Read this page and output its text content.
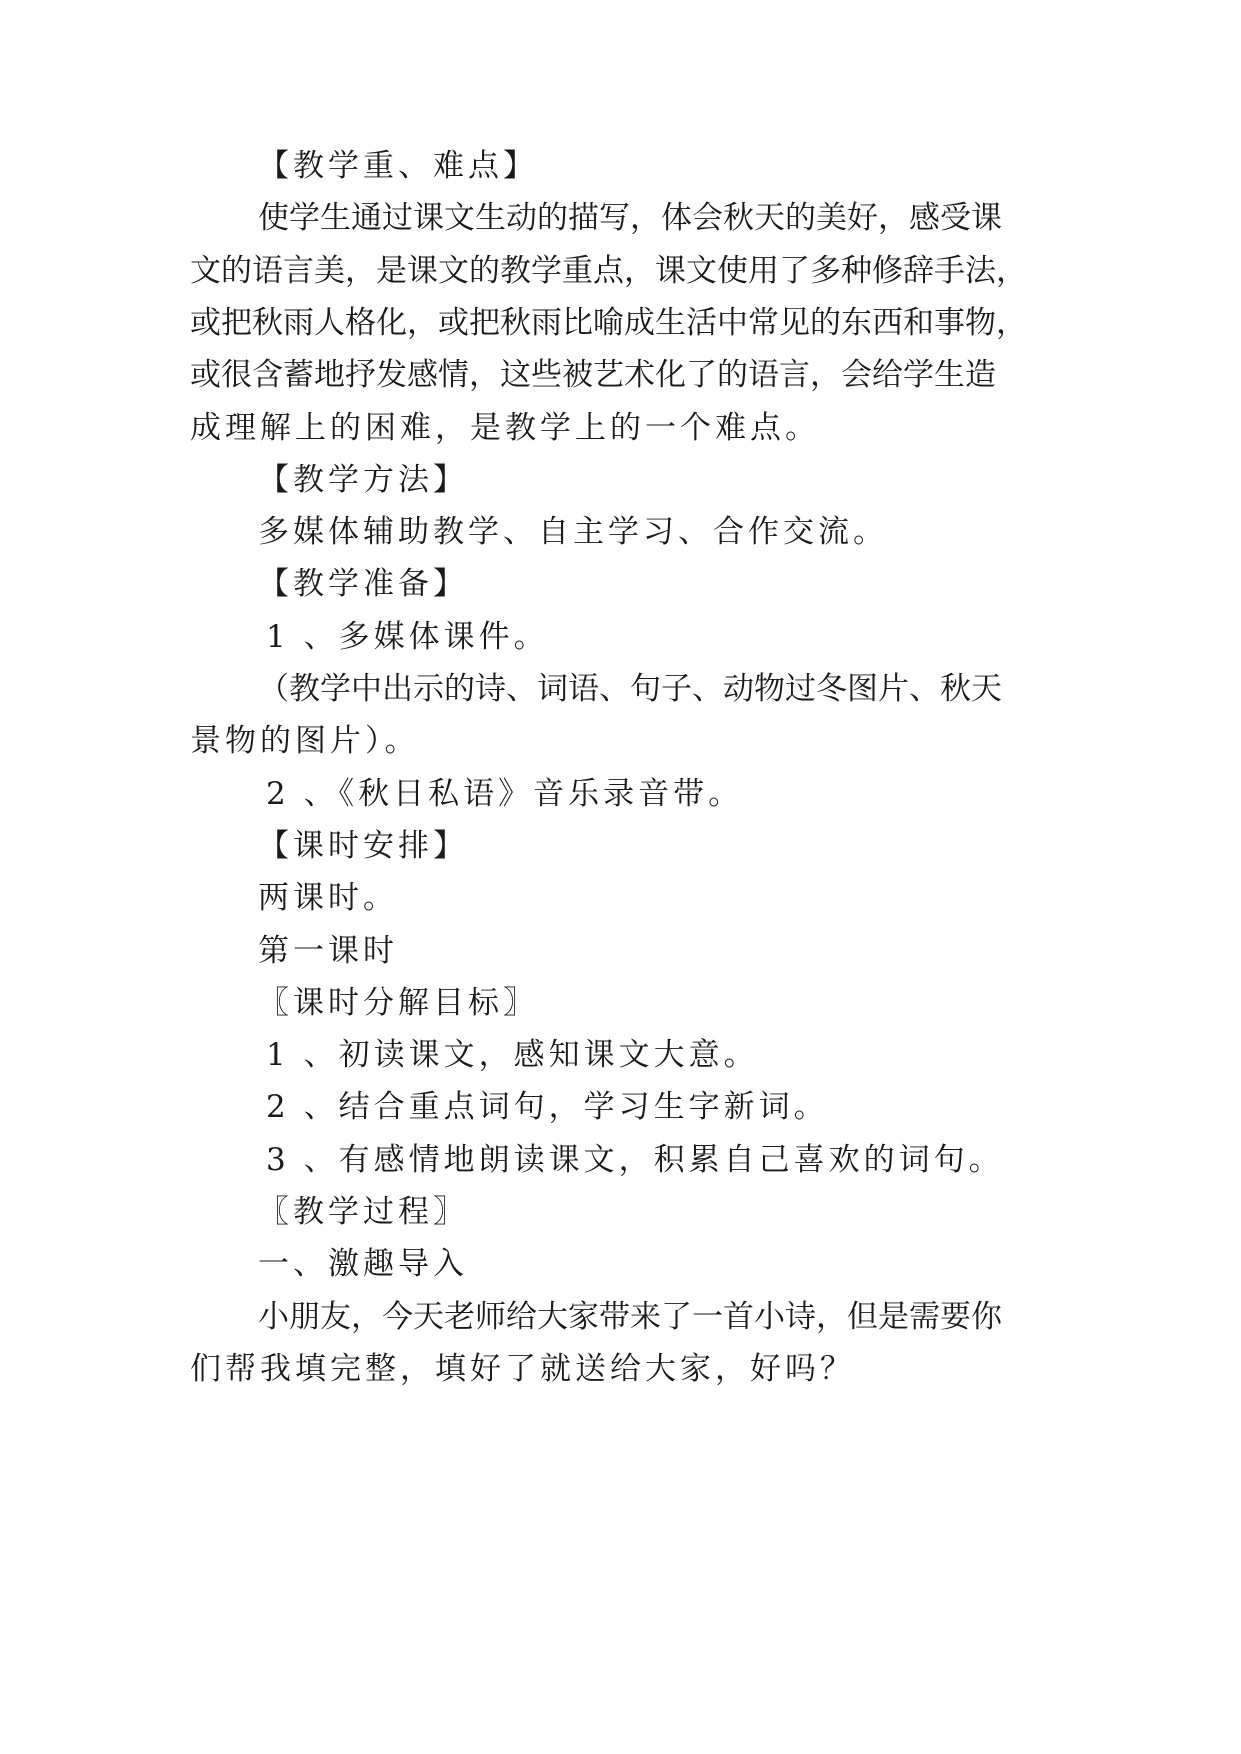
【教学重、难点】
使学生通过课文生动的描写，体会秋天的美好，感受课
文的语言美，是课文的教学重点，课文使用了多种修辞手法，
或把秋雨人格化，或把秋雨比喻成生活中常见的东西和事物，
或很含蓄地抒发感情，这些被艺术化了的语言，会给学生造
成理解上的困难，是教学上的一个难点。
【教学方法】
多媒体辅助教学、自主学习、合作交流。
【教学准备】
1 、多媒体课件。
（教学中出示的诗、词语、句子、动物过冬图片、秋天
景物的图片）。
2 、《秋日私语》音乐录音带。
【课时安排】
两课时。
第一课时
〖课时分解目标〗
1 、初读课文，感知课文大意。
2 、结合重点词句，学习生字新词。
3 、有感情地朗读课文，积累自己喜欢的词句。
〖教学过程〗
一、激趣导入
小朋友，今天老师给大家带来了一首小诗，但是需要你
们帮我填完整，填好了就送给大家，好吗？
